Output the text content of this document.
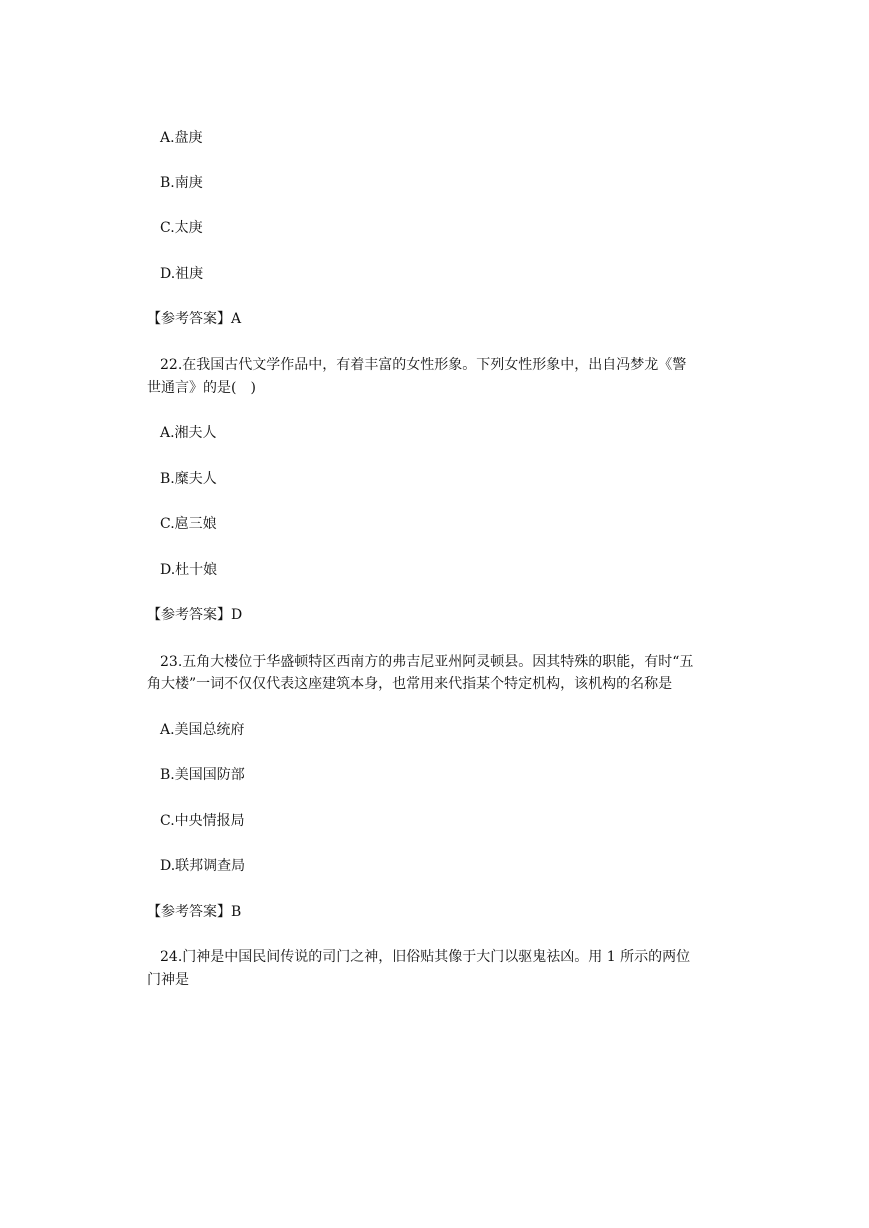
A.盘庚
B.南庚
C.太庚
D.祖庚
【参考答案】A
22.在我国古代文学作品中，有着丰富的女性形象。下列女性形象中，出自冯梦龙《警
世通言》的是(　)
A.湘夫人
B.糜夫人
C.扈三娘
D.杜十娘
【参考答案】D
23.五角大楼位于华盛顿特区西南方的弗吉尼亚州阿灵顿县。因其特殊的职能，有时“五
角大楼”一词不仅仅代表这座建筑本身，也常用来代指某个特定机构，该机构的名称是
A.美国总统府
B.美国国防部
C.中央情报局
D.联邦调查局
【参考答案】B
24.门神是中国民间传说的司门之神，旧俗贴其像于大门以驱鬼祛凶。用 1 所示的两位
门神是
